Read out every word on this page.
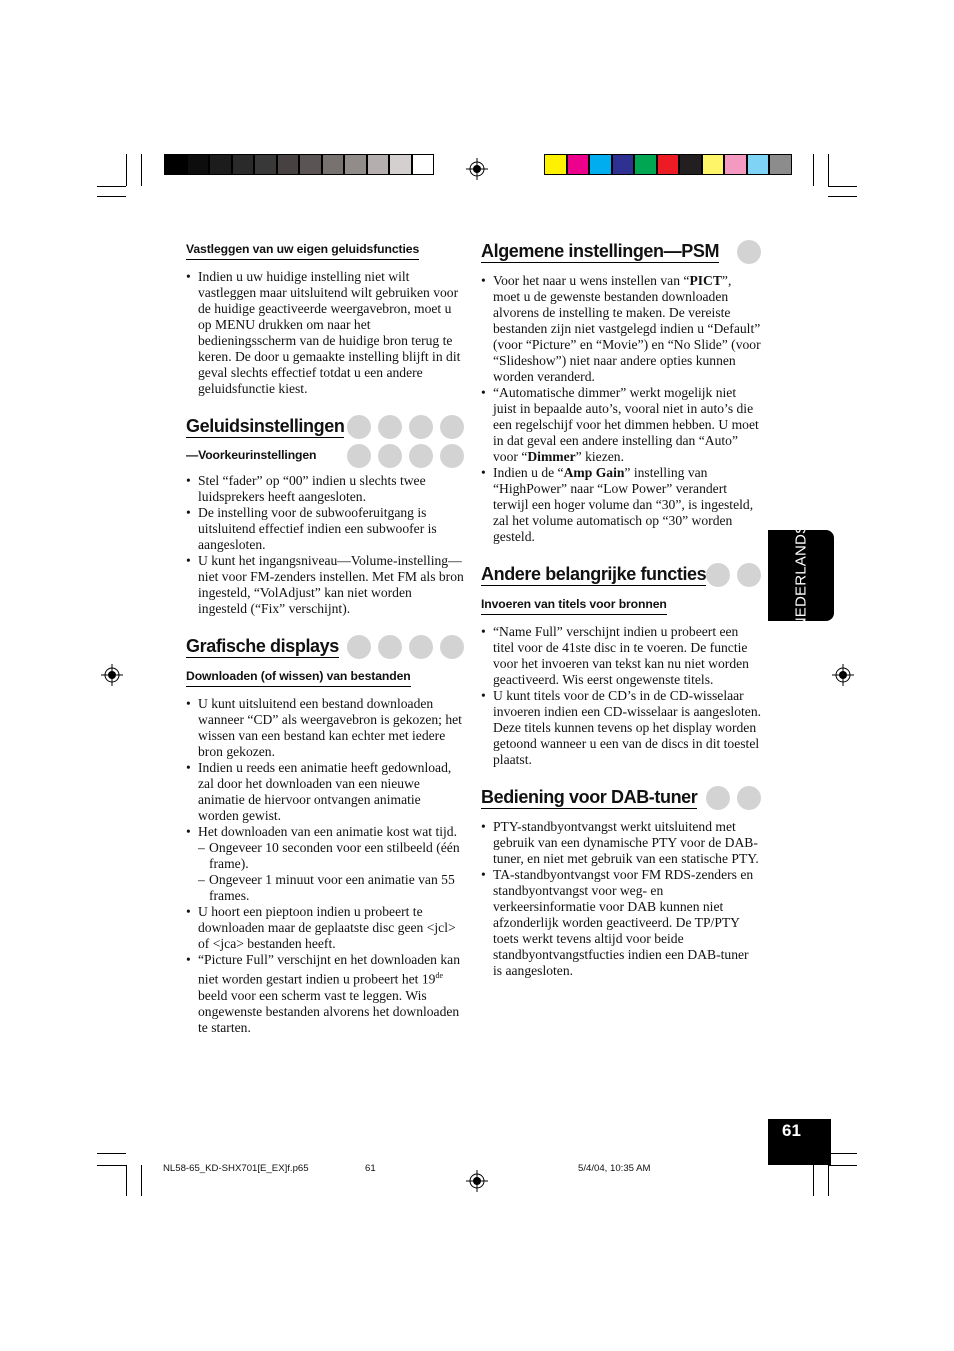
Vastleggen van uw eigen geluidsfuncties
• Indien u uw huidige instelling niet wilt vastleggen maar uitsluitend wilt gebruiken voor de huidige geactiveerde weergavebron, moet u op MENU drukken om naar het bedieningsscherm van de huidige bron terug te keren. De door u gemaakte instelling blijft in dit geval slechts effectief totdat u een andere geluidsfunctie kiest.
Geluidsinstellingen
—Voorkeurinstellingen
• Stel “fader” op “00” indien u slechts twee luidsprekers heeft aangesloten.
• De instelling voor de subwooferuitgang is uitsluitend effectief indien een subwoofer is aangesloten.
• U kunt het ingangsniveau—Volume-instelling—niet voor FM-zenders instellen. Met FM als bron ingesteld, “VolAdjust” kan niet worden ingesteld (“Fix” verschijnt).
Grafische displays
Downloaden (of wissen) van bestanden
• U kunt uitsluitend een bestand downloaden wanneer “CD” als weergavebron is gekozen; het wissen van een bestand kan echter met iedere bron gekozen.
• Indien u reeds een animatie heeft gedownload, zal door het downloaden van een nieuwe animatie de hiervoor ontvangen animatie worden gewist.
• Het downloaden van een animatie kost wat tijd.
– Ongeveer 10 seconden voor een stilbeeld (één frame).
– Ongeveer 1 minuut voor een animatie van 55 frames.
• U hoort een pieptoon indien u probeert te downloaden maar de geplaatste disc geen <jcl> of <jca> bestanden heeft.
• “Picture Full” verschijnt en het downloaden kan niet worden gestart indien u probeert het 19de beeld voor een scherm vast te leggen. Wis ongewenste bestanden alvorens het downloaden te starten.
Algemene instellingen—PSM
• Voor het naar u wens instellen van “PICT”, moet u de gewenste bestanden downloaden alvorens de instelling te maken. De vereiste bestanden zijn niet vastgelegd indien u “Default” (voor “Picture” en “Movie”) en “No Slide” (voor “Slideshow”) niet naar andere opties kunnen worden veranderd.
• “Automatische dimmer” werkt mogelijk niet juist in bepaalde auto’s, vooral niet in auto’s die een regelschijf voor het dimmen hebben. U moet in dat geval een andere instelling dan “Auto” voor “Dimmer” kiezen.
• Indien u de “Amp Gain” instelling van “HighPower” naar “Low Power” verandert terwijl een hoger volume dan “30”, is ingesteld, zal het volume automatisch op “30” worden gesteld.
Andere belangrijke functies
Invoeren van titels voor bronnen
• “Name Full” verschijnt indien u probeert een titel voor de 41ste disc in te voeren. De functie voor het invoeren van tekst kan nu niet worden geactiveerd. Wis eerst ongewenste titels.
• U kunt titels voor de CD’s in de CD-wisselaar invoeren indien een CD-wisselaar is aangesloten. Deze titels kunnen tevens op het display worden getoond wanneer u een van de discs in dit toestel plaatst.
Bediening voor DAB-tuner
• PTY-standbyontvangst werkt uitsluitend met gebruik van een dynamische PTY voor de DAB-tuner, en niet met gebruik van een statische PTY.
• TA-standbyontvangst voor FM RDS-zenders en standbyontvangst voor weg- en verkeersinformatie voor DAB kunnen niet afzonderlijk worden geactiveerd. De TP/PTY toets werkt tevens altijd voor beide standbyontvangstfucties indien een DAB-tuner is aangesloten.
NEDERLANDS
61
NL58-65_KD-SHX701[E_EX]f.p65	61	5/4/04, 10:35 AM
